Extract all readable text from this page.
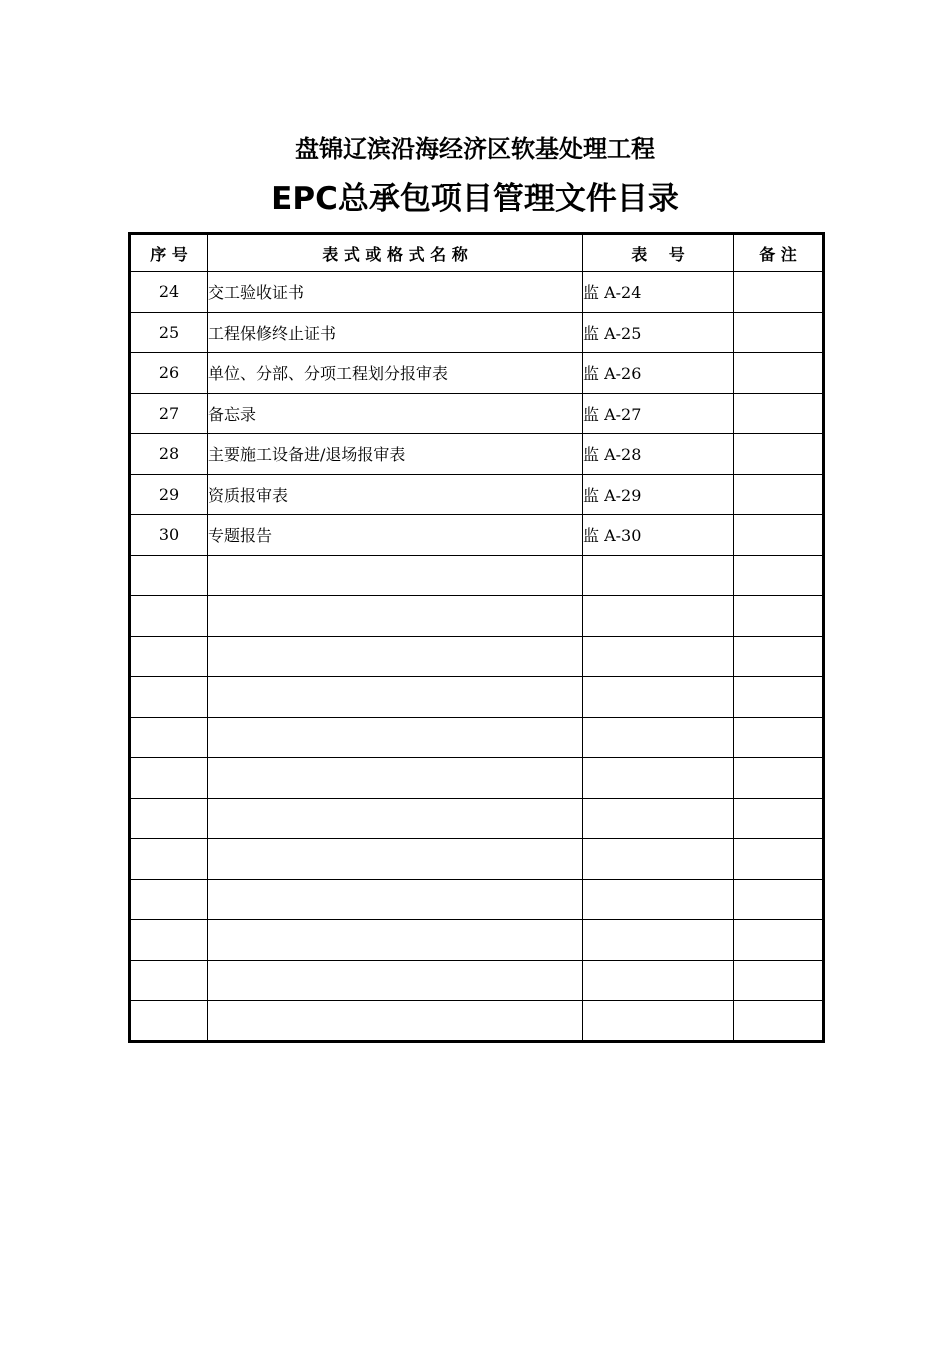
盘锦辽滨沿海经济区软基处理工程
EPC总承包项目管理文件目录
序 号	表 式 或 格 式 名 称	表　 号	备 注
24	交工验收证书	监 A-24	
25	工程保修终止证书	监 A-25	
26	单位、分部、分项工程划分报审表	监 A-26	
27	备忘录	监 A-27	
28	主要施工设备进/退场报审表	监 A-28	
29	资质报审表	监 A-29	
30	专题报告	监 A-30	
